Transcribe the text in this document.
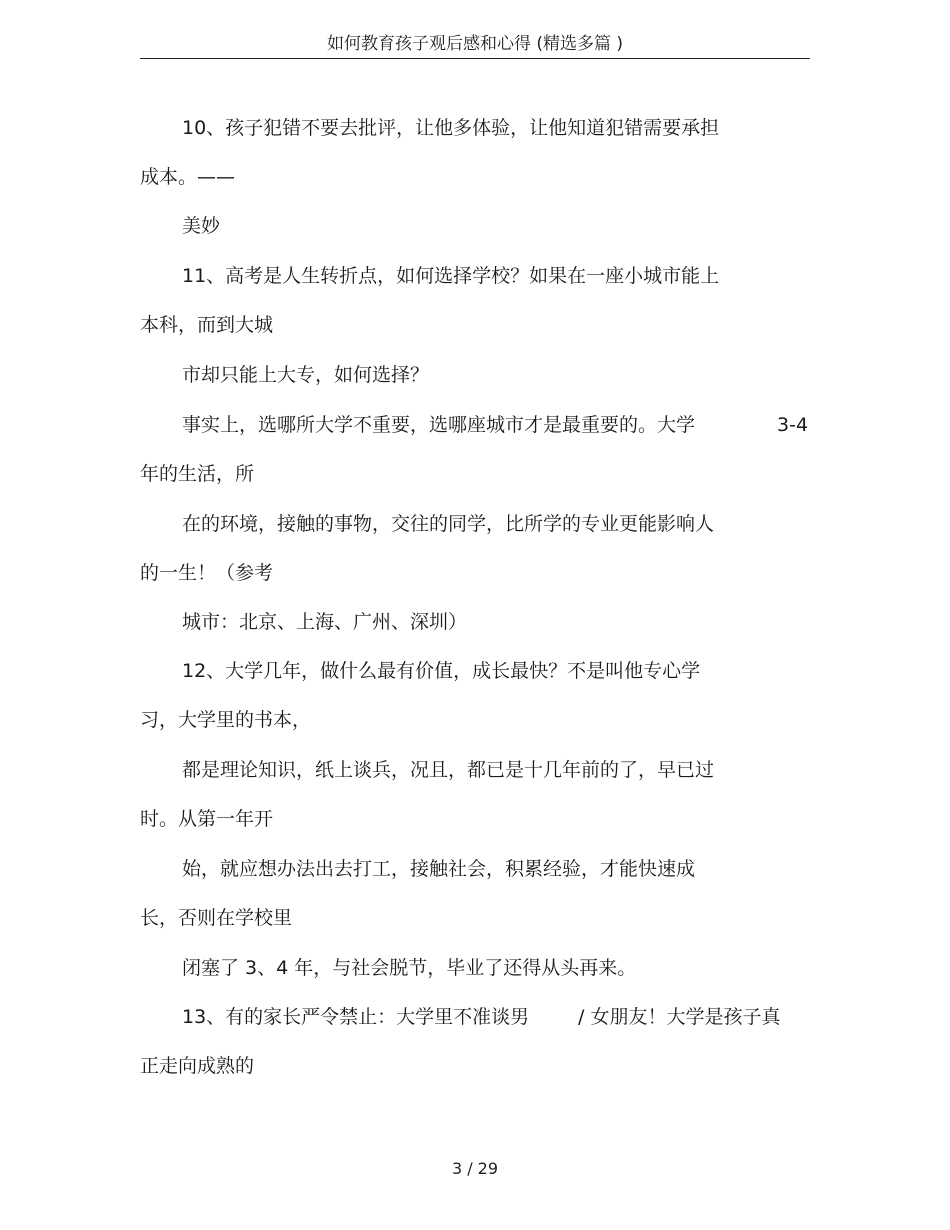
如何教育孩子观后感和心得 (精选多篇 )
10、孩子犯错不要去批评，让他多体验，让他知道犯错需要承担
成本。——
美妙
11、高考是人生转折点，如何选择学校？如果在一座小城市能上
本科，而到大城
市却只能上大专，如何选择？
事实上，选哪所大学不重要，选哪座城市才是最重要的。大学	3-4
年的生活，所
在的环境，接触的事物，交往的同学，比所学的专业更能影响人
的一生！（参考
城市：北京、上海、广州、深圳）
12、大学几年，做什么最有价值，成长最快？不是叫他专心学
习，大学里的书本，
都是理论知识，纸上谈兵，况且，都已是十几年前的了，早已过
时。从第一年开
始，就应想办法出去打工，接触社会，积累经验，才能快速成
长，否则在学校里
闭塞了 3、4 年，与社会脱节，毕业了还得从头再来。
13、有的家长严令禁止：大学里不准谈男	/ 女朋友！大学是孩子真
正走向成熟的
3 / 29
